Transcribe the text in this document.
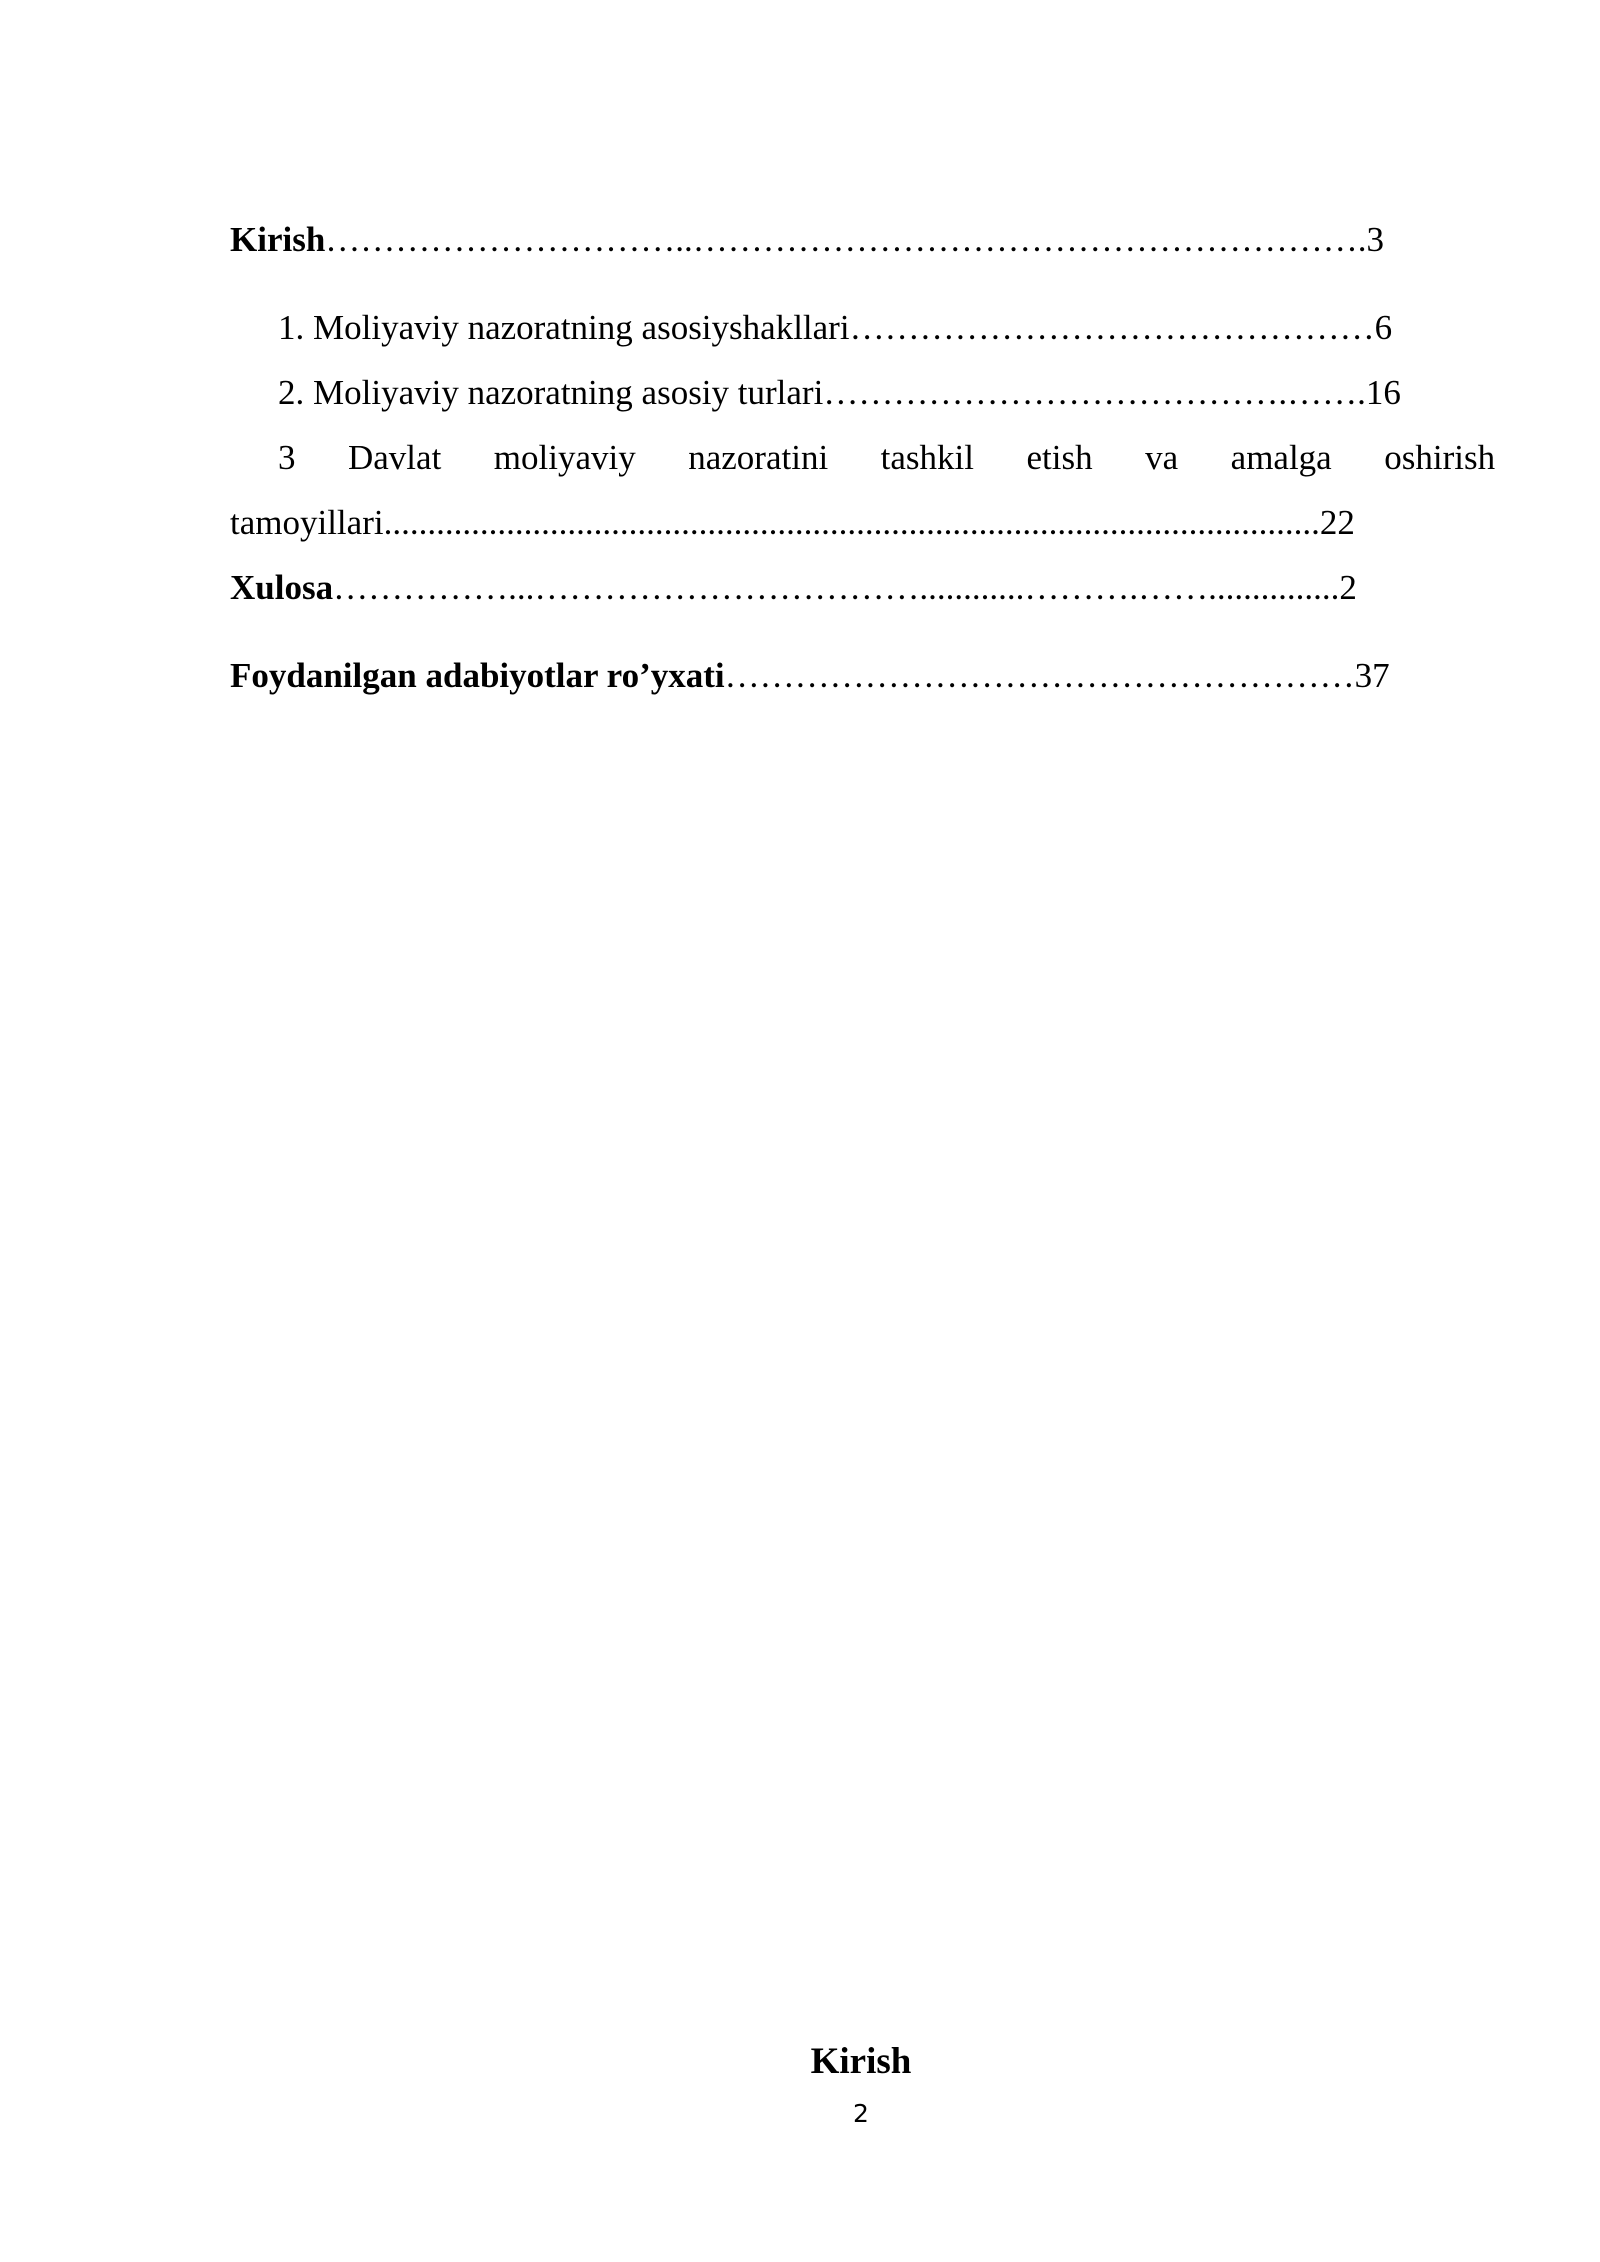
Kirish…………………………..………………………………………………….3

1. Moliyaviy nazoratning asosiyshakllari………………………………………6

2. Moliyaviy nazoratning asosiy turlari………………………………….…….16

3 Davlat moliyaviy nazoratini tashkil etish va amalga oshirish

tamoyillari...........................................................................................................22

Xulosa……………...……………………………............……….……...............2

Foydanilgan adabiyotlar ro’yxati………………………………………………37

Kirish

2
